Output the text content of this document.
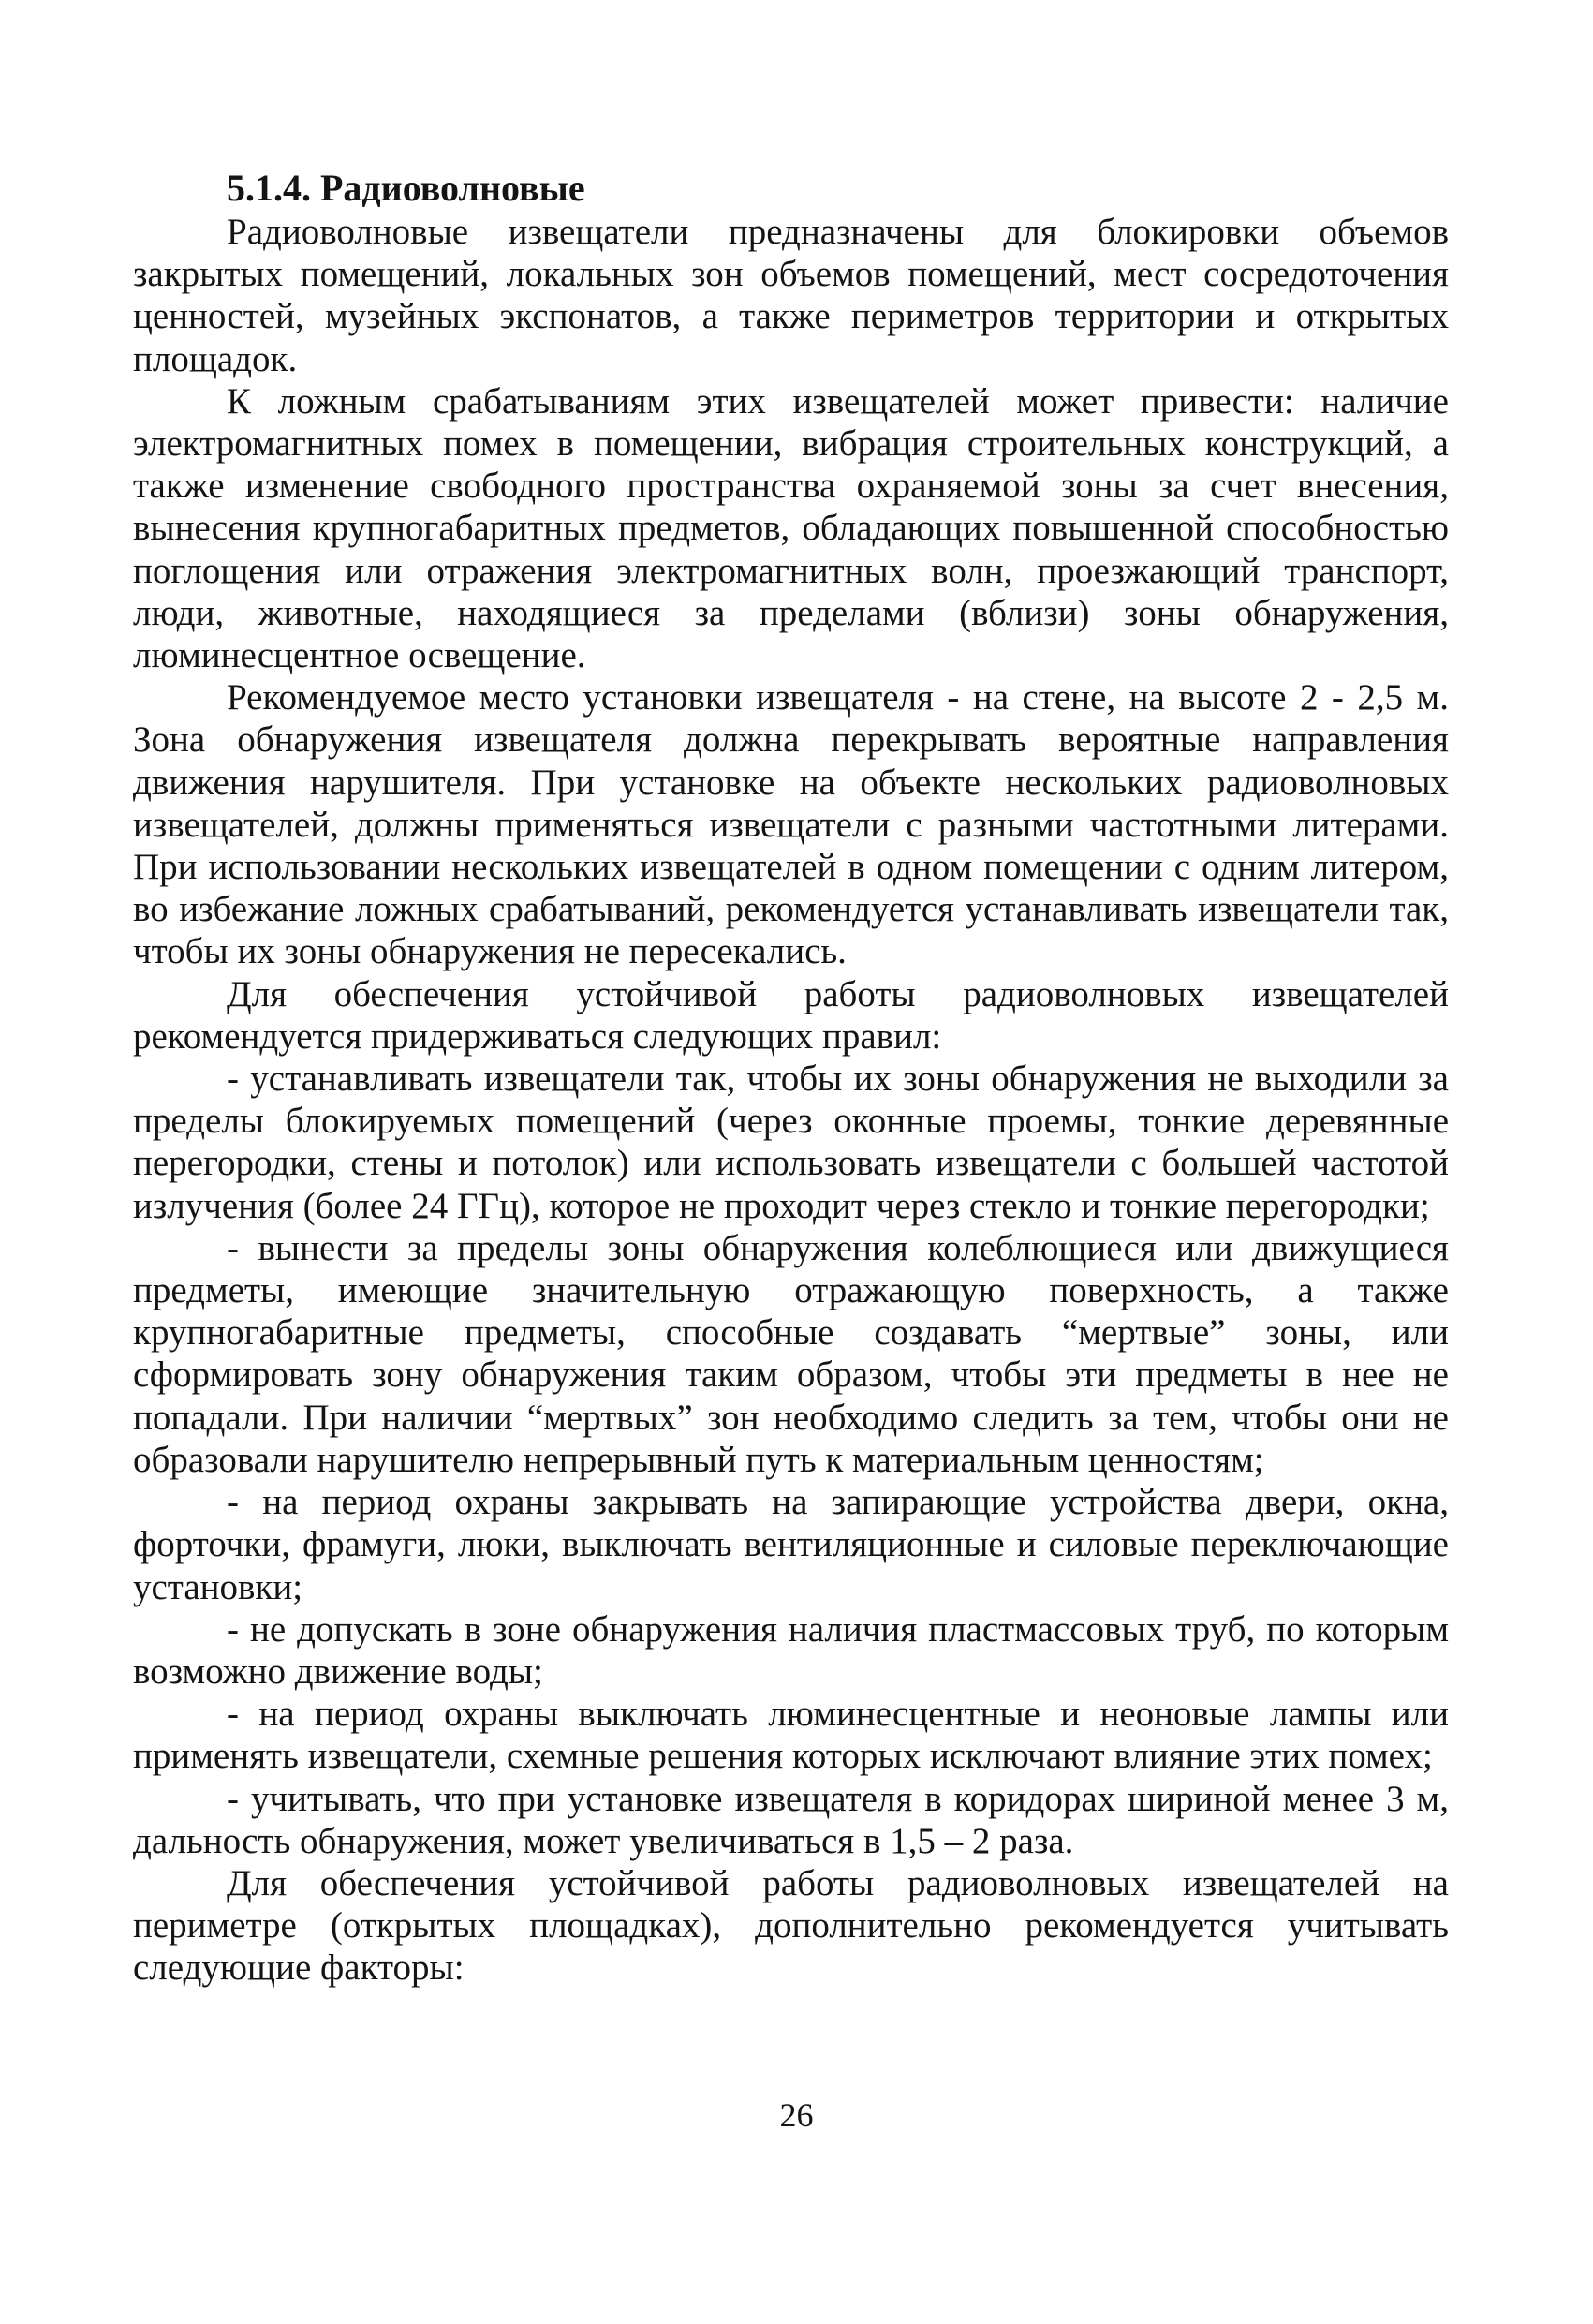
5.1.4. Радиоволновые

Радиоволновые извещатели предназначены для блокировки объемов закрытых помещений, локальных зон объемов помещений, мест сосредоточения ценностей, музейных экспонатов, а также периметров территории и открытых площадок.

К ложным срабатываниям этих извещателей может привести: наличие электромагнитных помех в помещении, вибрация строительных конструкций, а также изменение свободного пространства охраняемой зоны за счет внесения, вынесения крупногабаритных предметов, обладающих повышенной способностью поглощения или отражения электромагнитных волн, проезжающий транспорт, люди, животные, находящиеся за пределами (вблизи) зоны обнаружения, люминесцентное освещение.

Рекомендуемое место установки извещателя - на стене, на высоте 2 - 2,5 м. Зона обнаружения извещателя должна перекрывать вероятные направления движения нарушителя. При установке на объекте нескольких радиоволновых извещателей, должны применяться извещатели с разными частотными литерами. При использовании нескольких извещателей в одном помещении с одним литером, во избежание ложных срабатываний, рекомендуется устанавливать извещатели так, чтобы их зоны обнаружения не пересекались.

Для обеспечения устойчивой работы радиоволновых извещателей рекомендуется придерживаться следующих правил:

- устанавливать извещатели так, чтобы их зоны обнаружения не выходили за пределы блокируемых помещений (через оконные проемы, тонкие деревянные перегородки, стены и потолок) или использовать извещатели с большей частотой излучения (более 24 ГГц), которое не проходит через стекло и тонкие перегородки;

- вынести за пределы зоны обнаружения колеблющиеся или движущиеся предметы, имеющие значительную отражающую поверхность, а также крупногабаритные предметы, способные создавать “мертвые” зоны, или сформировать зону обнаружения таким образом, чтобы эти предметы в нее не попадали. При наличии “мертвых” зон необходимо следить за тем, чтобы они не образовали нарушителю непрерывный путь к материальным ценностям;

- на период охраны закрывать на запирающие устройства двери, окна, форточки, фрамуги, люки, выключать вентиляционные и силовые переключающие установки;

- не допускать в зоне обнаружения наличия пластмассовых труб, по которым возможно движение воды;

- на период охраны выключать люминесцентные и неоновые лампы или применять извещатели, схемные решения которых исключают влияние этих помех;

- учитывать, что при установке извещателя в коридорах шириной менее 3 м, дальность обнаружения, может увеличиваться в 1,5 – 2 раза.

Для обеспечения устойчивой работы радиоволновых извещателей на периметре (открытых площадках), дополнительно рекомендуется учитывать следующие факторы:

26
